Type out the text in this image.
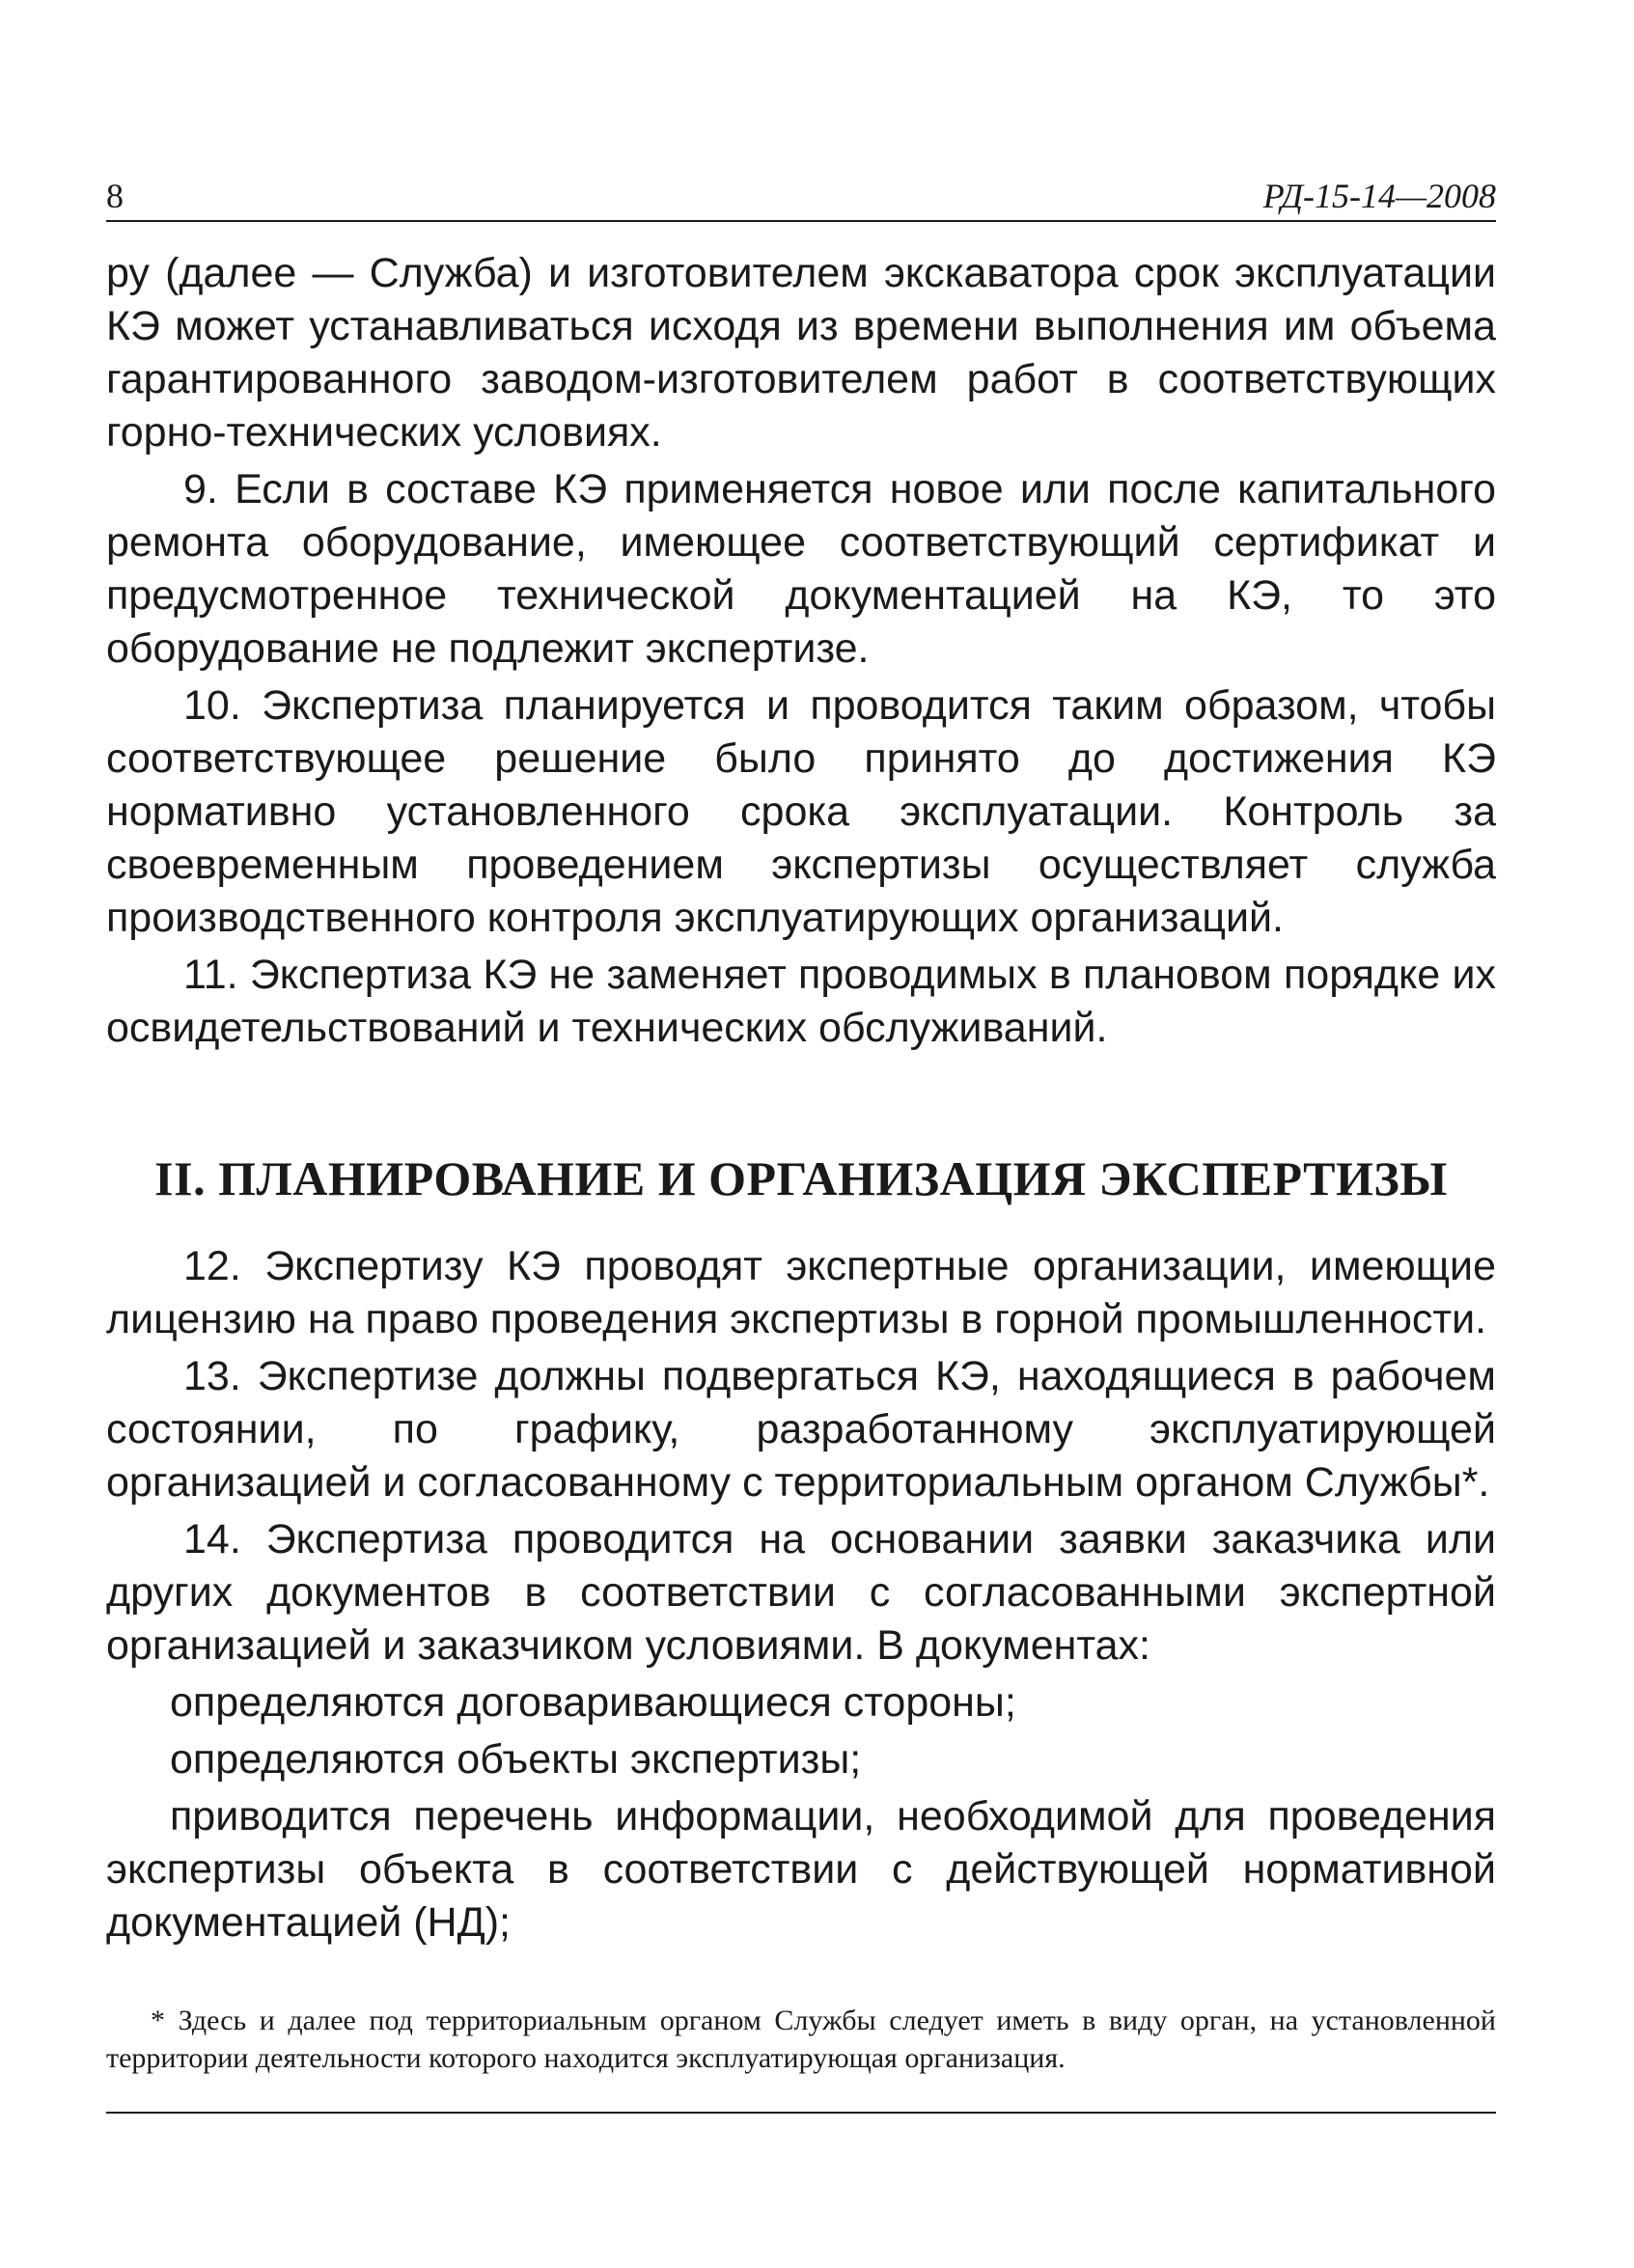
8	РД-15-14—2008

ру (далее — Служба) и изготовителем экскаватора срок эксплуатации КЭ может устанавливаться исходя из времени выполнения им объема гарантированного заводом-изготовителем работ в соответствующих горно-технических условиях.

9. Если в составе КЭ применяется новое или после капитального ремонта оборудование, имеющее соответствующий сертификат и предусмотренное технической документацией на КЭ, то это оборудование не подлежит экспертизе.

10. Экспертиза планируется и проводится таким образом, чтобы соответствующее решение было принято до достижения КЭ нормативно установленного срока эксплуатации. Контроль за своевременным проведением экспертизы осуществляет служба производственного контроля эксплуатирующих организаций.

11. Экспертиза КЭ не заменяет проводимых в плановом порядке их освидетельствований и технических обслуживаний.

II. ПЛАНИРОВАНИЕ И ОРГАНИЗАЦИЯ ЭКСПЕРТИЗЫ

12. Экспертизу КЭ проводят экспертные организации, имеющие лицензию на право проведения экспертизы в горной промышленности.

13. Экспертизе должны подвергаться КЭ, находящиеся в рабочем состоянии, по графику, разработанному эксплуатирующей организацией и согласованному с территориальным органом Службы*.

14. Экспертиза проводится на основании заявки заказчика или других документов в соответствии с согласованными экспертной организацией и заказчиком условиями. В документах:

определяются договаривающиеся стороны;

определяются объекты экспертизы;

приводится перечень информации, необходимой для проведения экспертизы объекта в соответствии с действующей нормативной документацией (НД);

* Здесь и далее под территориальным органом Службы следует иметь в виду орган, на установленной территории деятельности которого находится эксплуатирующая организация.
